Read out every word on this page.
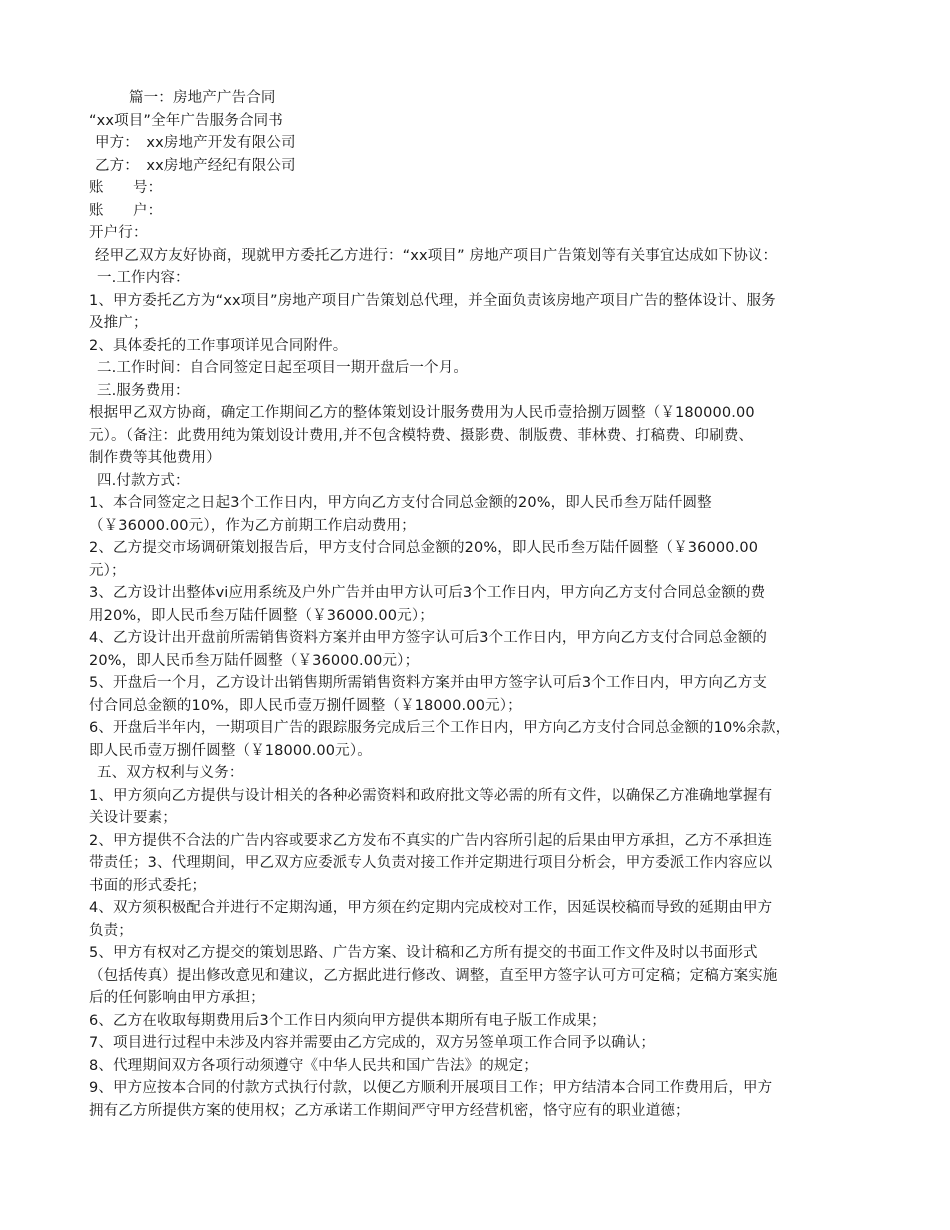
篇一：房地产广告合同
“xx项目”全年广告服务合同书
甲方：　xx房地产开发有限公司
乙方：　xx房地产经纪有限公司
账　　号：
账　　户：
开户行：
经甲乙双方友好协商，现就甲方委托乙方进行：“xx项目” 房地产项目广告策划等有关事宜达成如下协议：
一.工作内容：
1、甲方委托乙方为“xx项目”房地产项目广告策划总代理，并全面负责该房地产项目广告的整体设计、服务
及推广；
2、具体委托的工作事项详见合同附件。
二.工作时间：自合同签定日起至项目一期开盘后一个月。
三.服务费用：
根据甲乙双方协商，确定工作期间乙方的整体策划设计服务费用为人民币壹拾捌万圆整（￥180000.00
元）。（备注：此费用纯为策划设计费用,并不包含模特费、摄影费、制版费、菲林费、打稿费、印刷费、
制作费等其他费用）
四.付款方式：
1、本合同签定之日起3个工作日内，甲方向乙方支付合同总金额的20%，即人民币叁万陆仟圆整
（￥36000.00元），作为乙方前期工作启动费用；
2、乙方提交市场调研策划报告后，甲方支付合同总金额的20%，即人民币叁万陆仟圆整（￥36000.00
元）；
3、乙方设计出整体vi应用系统及户外广告并由甲方认可后3个工作日内，甲方向乙方支付合同总金额的费
用20%，即人民币叁万陆仟圆整（￥36000.00元）；
4、乙方设计出开盘前所需销售资料方案并由甲方签字认可后3个工作日内，甲方向乙方支付合同总金额的
20%，即人民币叁万陆仟圆整（￥36000.00元）；
5、开盘后一个月，乙方设计出销售期所需销售资料方案并由甲方签字认可后3个工作日内，甲方向乙方支
付合同总金额的10%，即人民币壹万捌仟圆整（￥18000.00元）；
6、开盘后半年内，一期项目广告的跟踪服务完成后三个工作日内，甲方向乙方支付合同总金额的10%余款，
即人民币壹万捌仟圆整（￥18000.00元）。
五、双方权利与义务：
1、甲方须向乙方提供与设计相关的各种必需资料和政府批文等必需的所有文件，以确保乙方准确地掌握有
关设计要素；
2、甲方提供不合法的广告内容或要求乙方发布不真实的广告内容所引起的后果由甲方承担，乙方不承担连
带责任；3、代理期间，甲乙双方应委派专人负责对接工作并定期进行项目分析会，甲方委派工作内容应以
书面的形式委托；
4、双方须积极配合并进行不定期沟通，甲方须在约定期内完成校对工作，因延误校稿而导致的延期由甲方
负责；
5、甲方有权对乙方提交的策划思路、广告方案、设计稿和乙方所有提交的书面工作文件及时以书面形式
（包括传真）提出修改意见和建议，乙方据此进行修改、调整，直至甲方签字认可方可定稿；定稿方案实施
后的任何影响由甲方承担；
6、乙方在收取每期费用后3个工作日内须向甲方提供本期所有电子版工作成果；
7、项目进行过程中未涉及内容并需要由乙方完成的，双方另签单项工作合同予以确认；
8、代理期间双方各项行动须遵守《中华人民共和国广告法》的规定；
9、甲方应按本合同的付款方式执行付款，以便乙方顺利开展项目工作；甲方结清本合同工作费用后，甲方
拥有乙方所提供方案的使用权；乙方承诺工作期间严守甲方经营机密，恪守应有的职业道德；
